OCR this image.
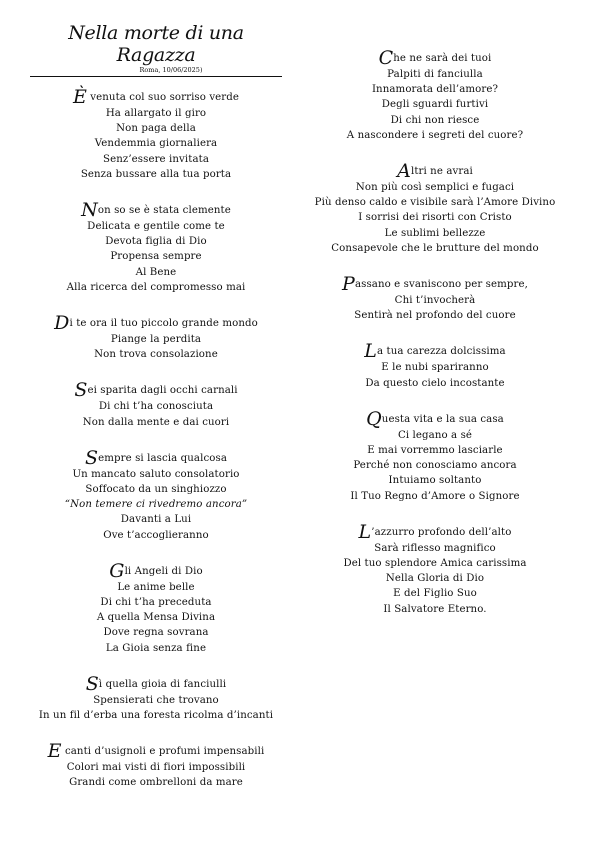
Nella morte di una Ragazza
Roma, 10/06/2025)
È venuta col suo sorriso verde
Ha allargato il giro
Non paga della
Vendemmia giornaliera
Senz’essere invitata
Senza bussare alla tua porta
Non so se è stata clemente
Delicata e gentile come te
Devota figlia di Dio
Propensa sempre
Al Bene
Alla ricerca del compromesso mai
Di te ora il tuo piccolo grande mondo
Piange la perdita
Non trova consolazione
Sei sparita dagli occhi carnali
Di chi t’ha conosciuta
Non dalla mente e dai cuori
Sempre si lascia qualcosa
Un mancato saluto consolatorio
Soffocato da un singhiozzo
“Non temere ci rivedremo ancora”
Davanti a Lui
Ove t’accoglieranno
Gli Angeli di Dio
Le anime belle
Di chi t’ha preceduta
A quella Mensa Divina
Dove regna sovrana
La Gioia senza fine
Sì quella gioia di fanciulli
Spensierati che trovano
In un fil d’erba una foresta ricolma d’incanti
E canti d’usignoli e profumi impensabili
Colori mai visti di fiori impossibili
Grandi come ombrelloni da mare
Che ne sarà dei tuoi
Palpiti di fanciulla
Innamorata dell’amore?
Degli sguardi furtivi
Di chi non riesce
A nascondere i segreti del cuore?
Altri ne avrai
Non più così semplici e fugaci
Più denso caldo e visibile sarà l’Amore Divino
I sorrisi dei risorti con Cristo
Le sublimi bellezze
Consapevole che le brutture del mondo
Passano e svaniscono per sempre,
Chi t’invocherà
Sentirà nel profondo del cuore
La tua carezza dolcissima
E le nubi spariranno
Da questo cielo incostante
Questa vita e la sua casa
Ci legano a sé
E mai vorremmo lasciarle
Perché non conosciamo ancora
Intuiamo soltanto
Il Tuo Regno d’Amore o Signore
L’azzurro profondo dell’alto
Sarà riflesso magnifico
Del tuo splendore Amica carissima
Nella Gloria di Dio
E del Figlio Suo
Il Salvatore Eterno.
